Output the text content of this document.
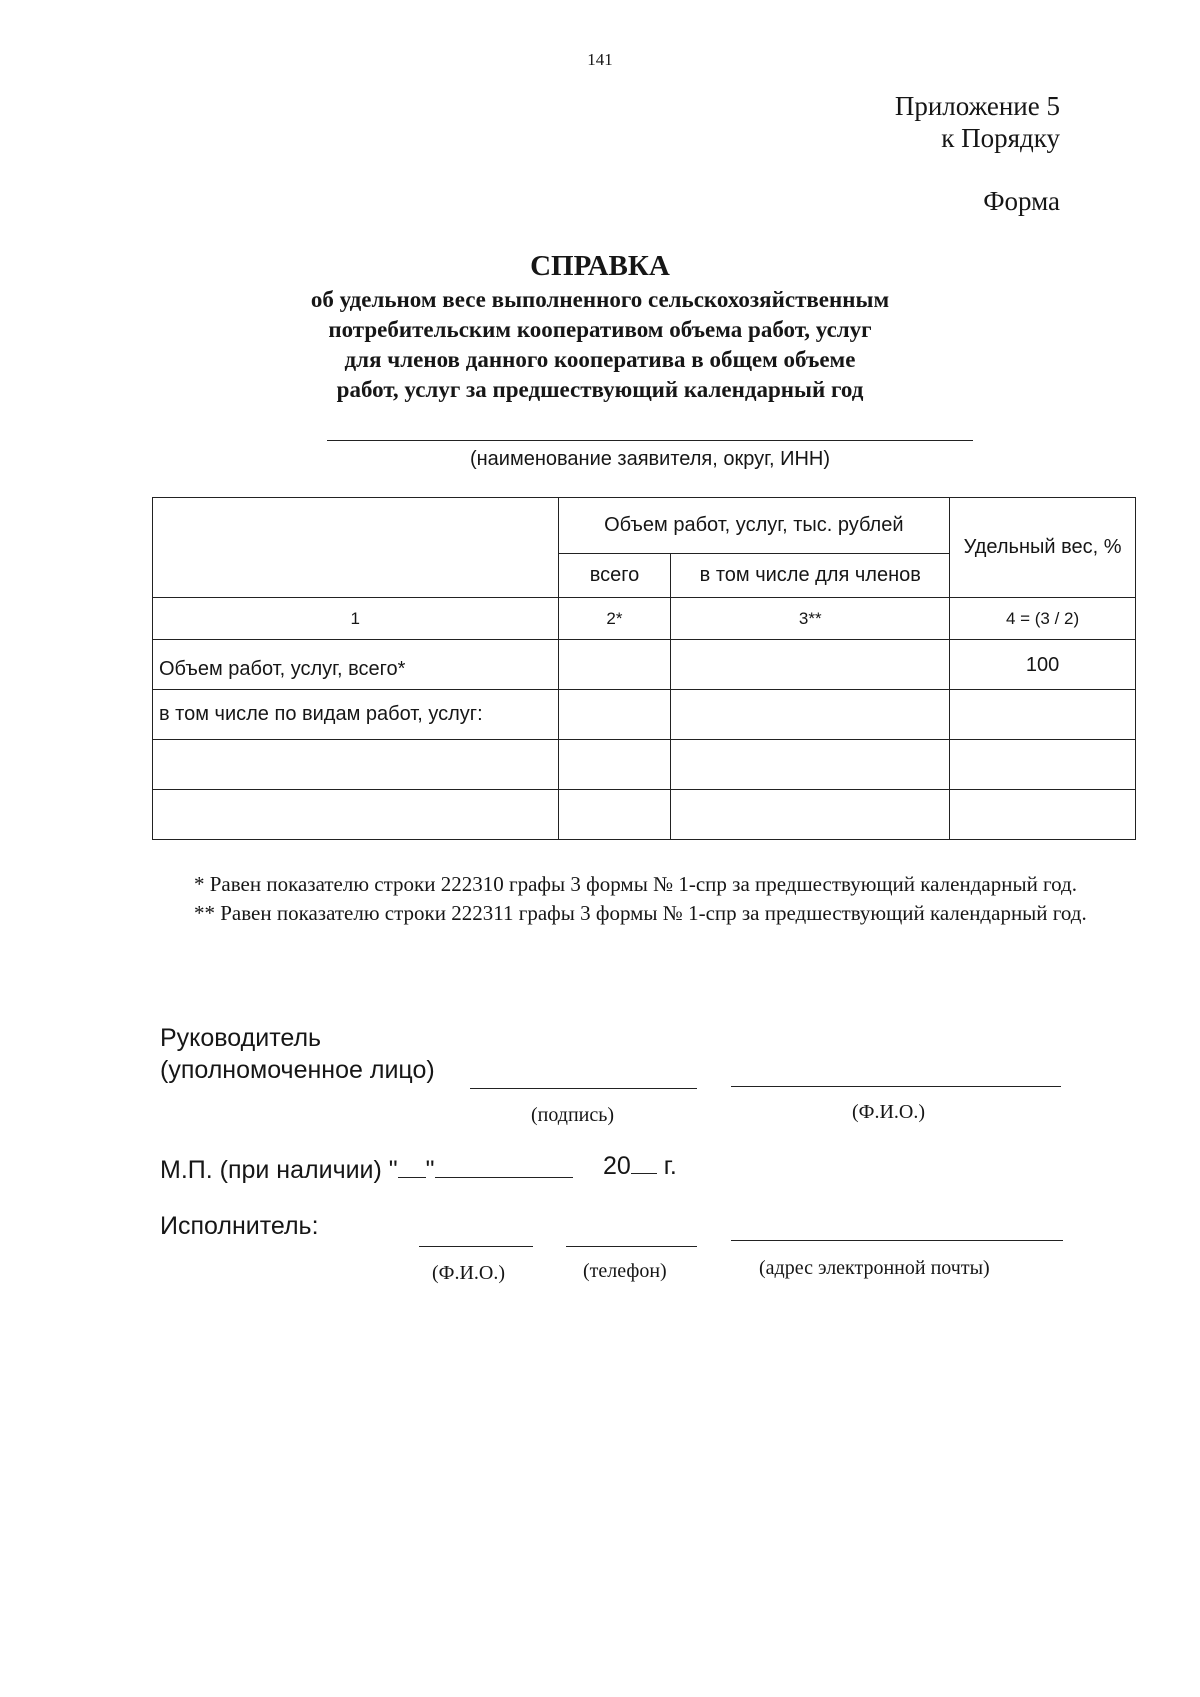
141
Приложение 5
к Порядку
Форма
СПРАВКА
об удельном весе выполненного сельскохозяйственным
потребительским кооперативом объема работ, услуг
для членов данного кооператива в общем объеме
работ, услуг за предшествующий календарный год
(наименование заявителя, округ, ИНН)
	Объем работ, услуг, тыс. рублей		Удельный вес, %
	всего	в том числе для членов	
1	2*	3**	4 = (3 / 2)
Объем работ, услуг, всего*			100
в том числе по видам работ, услуг:			

* Равен показателю строки 222310 графы 3 формы № 1-спр за предшествующий календарный год.

** Равен показателю строки 222311 графы 3 формы № 1-спр за предшествующий календарный год.

Руководитель
(уполномоченное лицо)
(подпись)	(Ф.И.О.)
М.П. (при наличии) " "	20 г.
Исполнитель:
(Ф.И.О.)	(телефон)	(адрес электронной почты)
